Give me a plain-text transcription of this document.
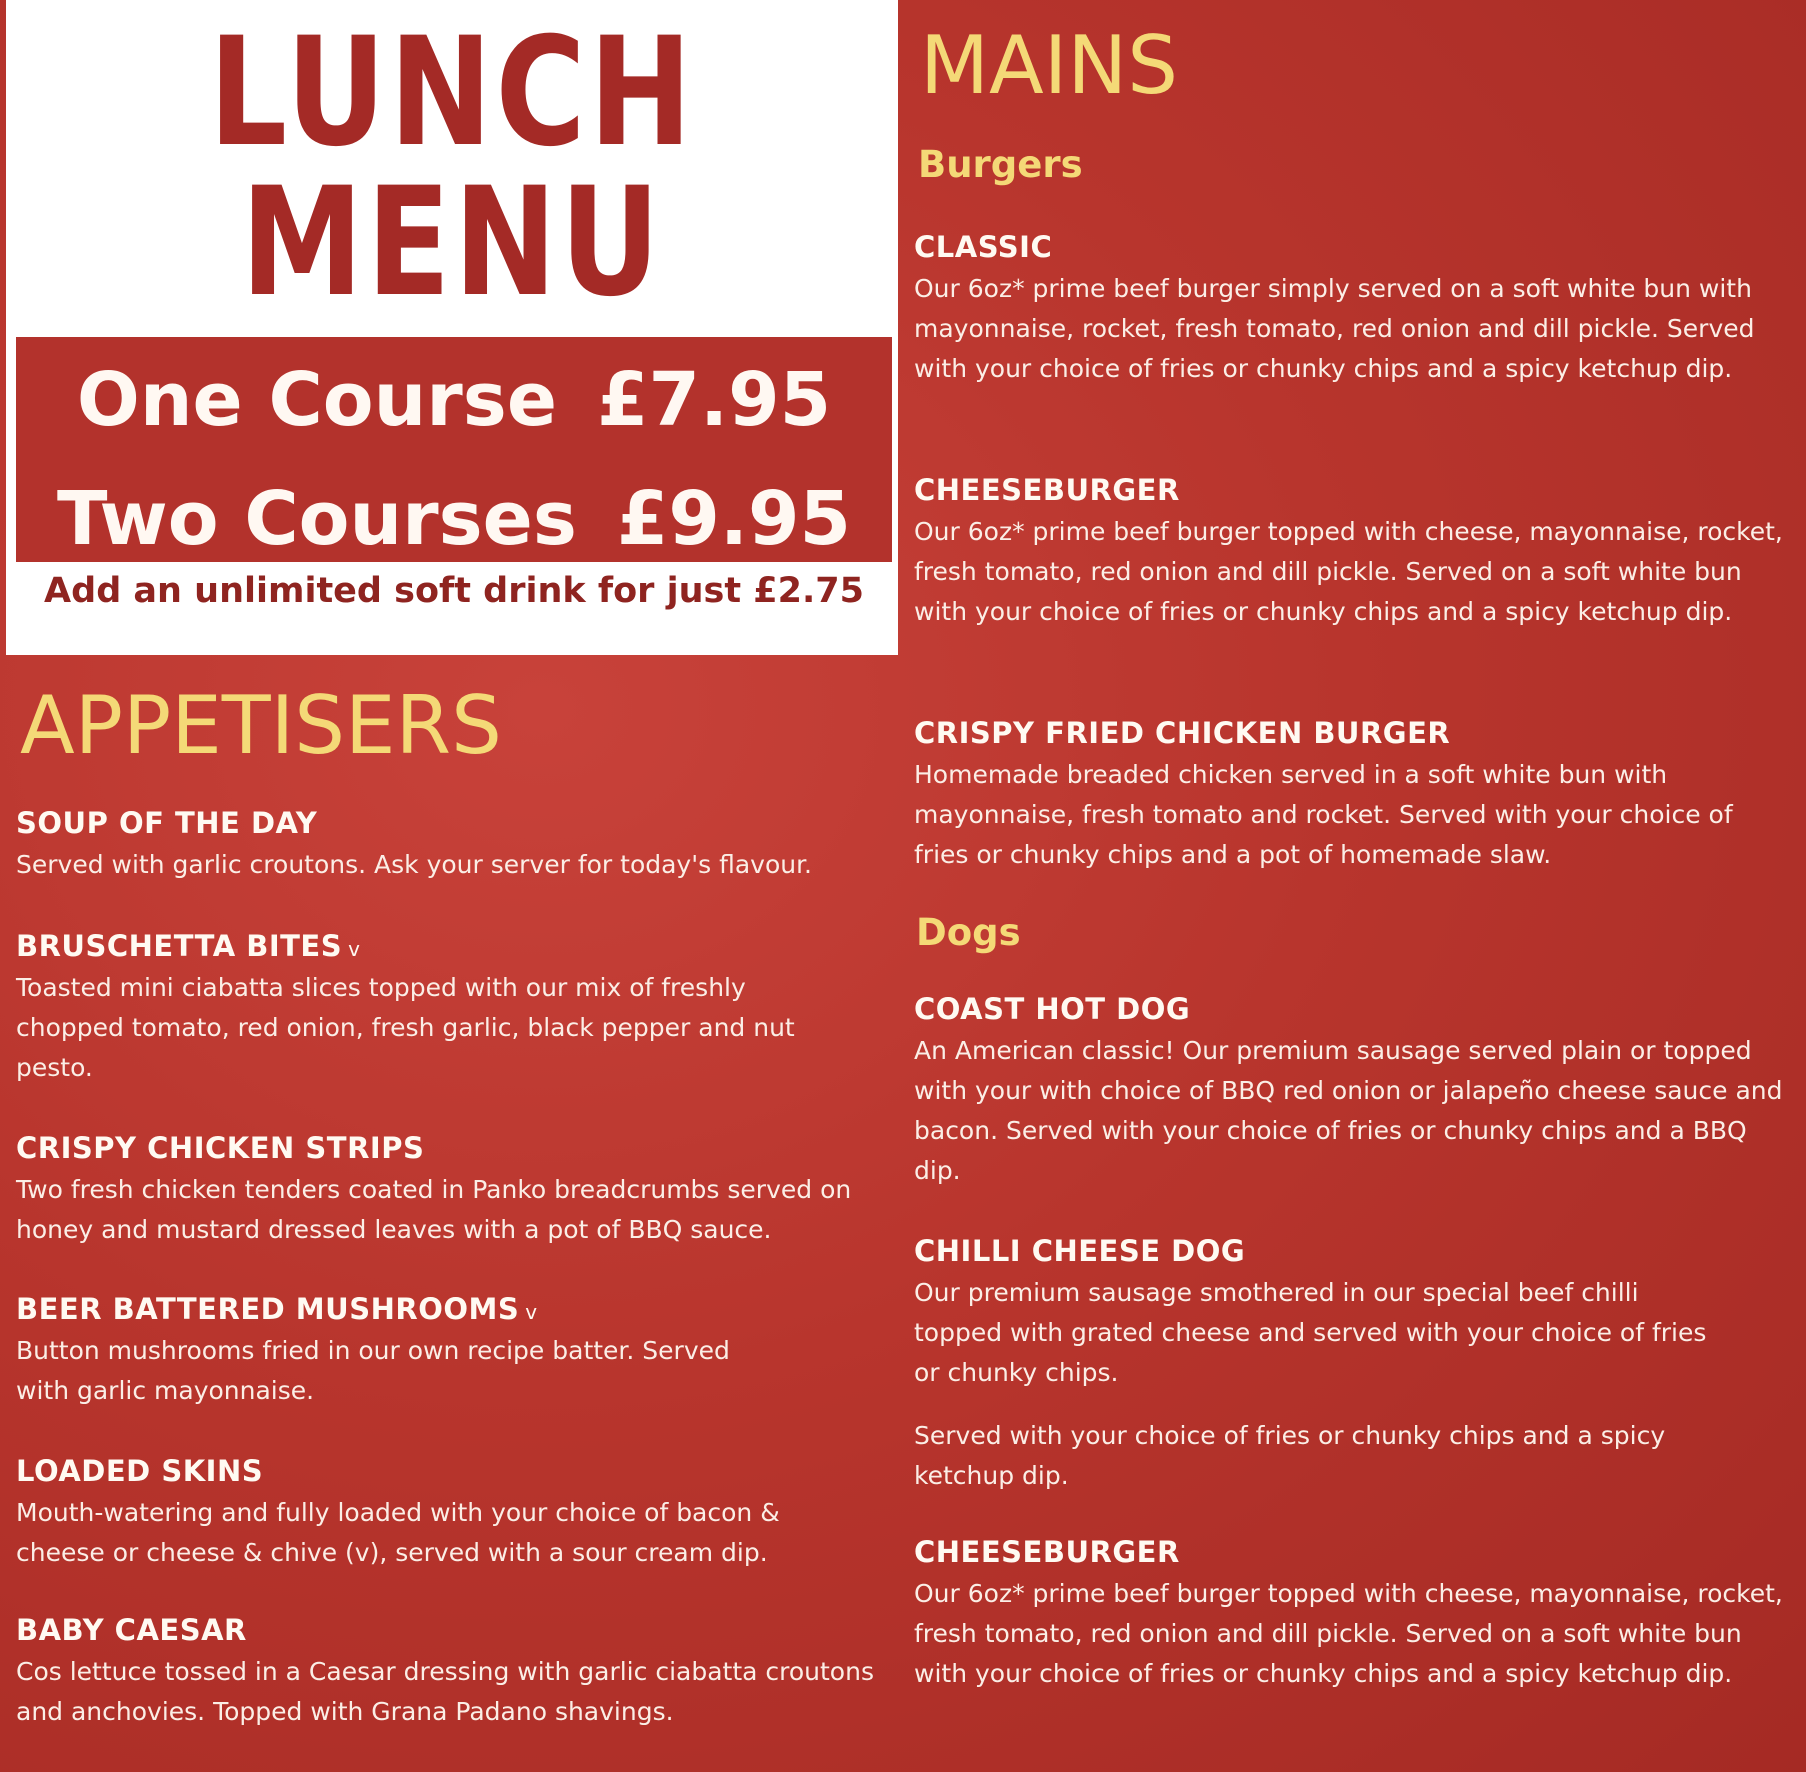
LUNCH MENU
One Course £7.95
Two Courses £9.95
Add an unlimited soft drink for just £2.75
APPETISERS

SOUP OF THE DAY

Served with garlic croutons. Ask your server for today's flavour.

BRUSCHETTA BITES v

Toasted mini ciabatta slices topped with our mix of freshly chopped tomato, red onion, fresh garlic, black pepper and nut pesto.

CRISPY CHICKEN STRIPS

Two fresh chicken tenders coated in Panko breadcrumbs served on honey and mustard dressed leaves with a pot of BBQ sauce.

BEER BATTERED MUSHROOMS v

Button mushrooms fried in our own recipe batter. Served with garlic mayonnaise.

LOADED SKINS

Mouth-watering and fully loaded with your choice of bacon & cheese or cheese & chive (v), served with a sour cream dip.

BABY CAESAR

Cos lettuce tossed in a Caesar dressing with garlic ciabatta croutons and anchovies. Topped with Grana Padano shavings.

MAINS
Burgers

CLASSIC

Our 6oz* prime beef burger simply served on a soft white bun with mayonnaise, rocket, fresh tomato, red onion and dill pickle. Served with your choice of fries or chunky chips and a spicy ketchup dip.

CHEESEBURGER

Our 6oz* prime beef burger topped with cheese, mayonnaise, rocket, fresh tomato, red onion and dill pickle. Served on a soft white bun with your choice of fries or chunky chips and a spicy ketchup dip.

CRISPY FRIED CHICKEN BURGER

Homemade breaded chicken served in a soft white bun with mayonnaise, fresh tomato and rocket. Served with your choice of fries or chunky chips and a pot of homemade slaw.

Dogs

COAST HOT DOG

An American classic! Our premium sausage served plain or topped with your with choice of BBQ red onion or jalapeño cheese sauce and bacon. Served with your choice of fries or chunky chips and a BBQ dip.

CHILLI CHEESE DOG

Our premium sausage smothered in our special beef chilli topped with grated cheese and served with your choice of fries or chunky chips.

Served with your choice of fries or chunky chips and a spicy ketchup dip.

CHEESEBURGER

Our 6oz* prime beef burger topped with cheese, mayonnaise, rocket, fresh tomato, red onion and dill pickle. Served on a soft white bun with your choice of fries or chunky chips and a spicy ketchup dip.
